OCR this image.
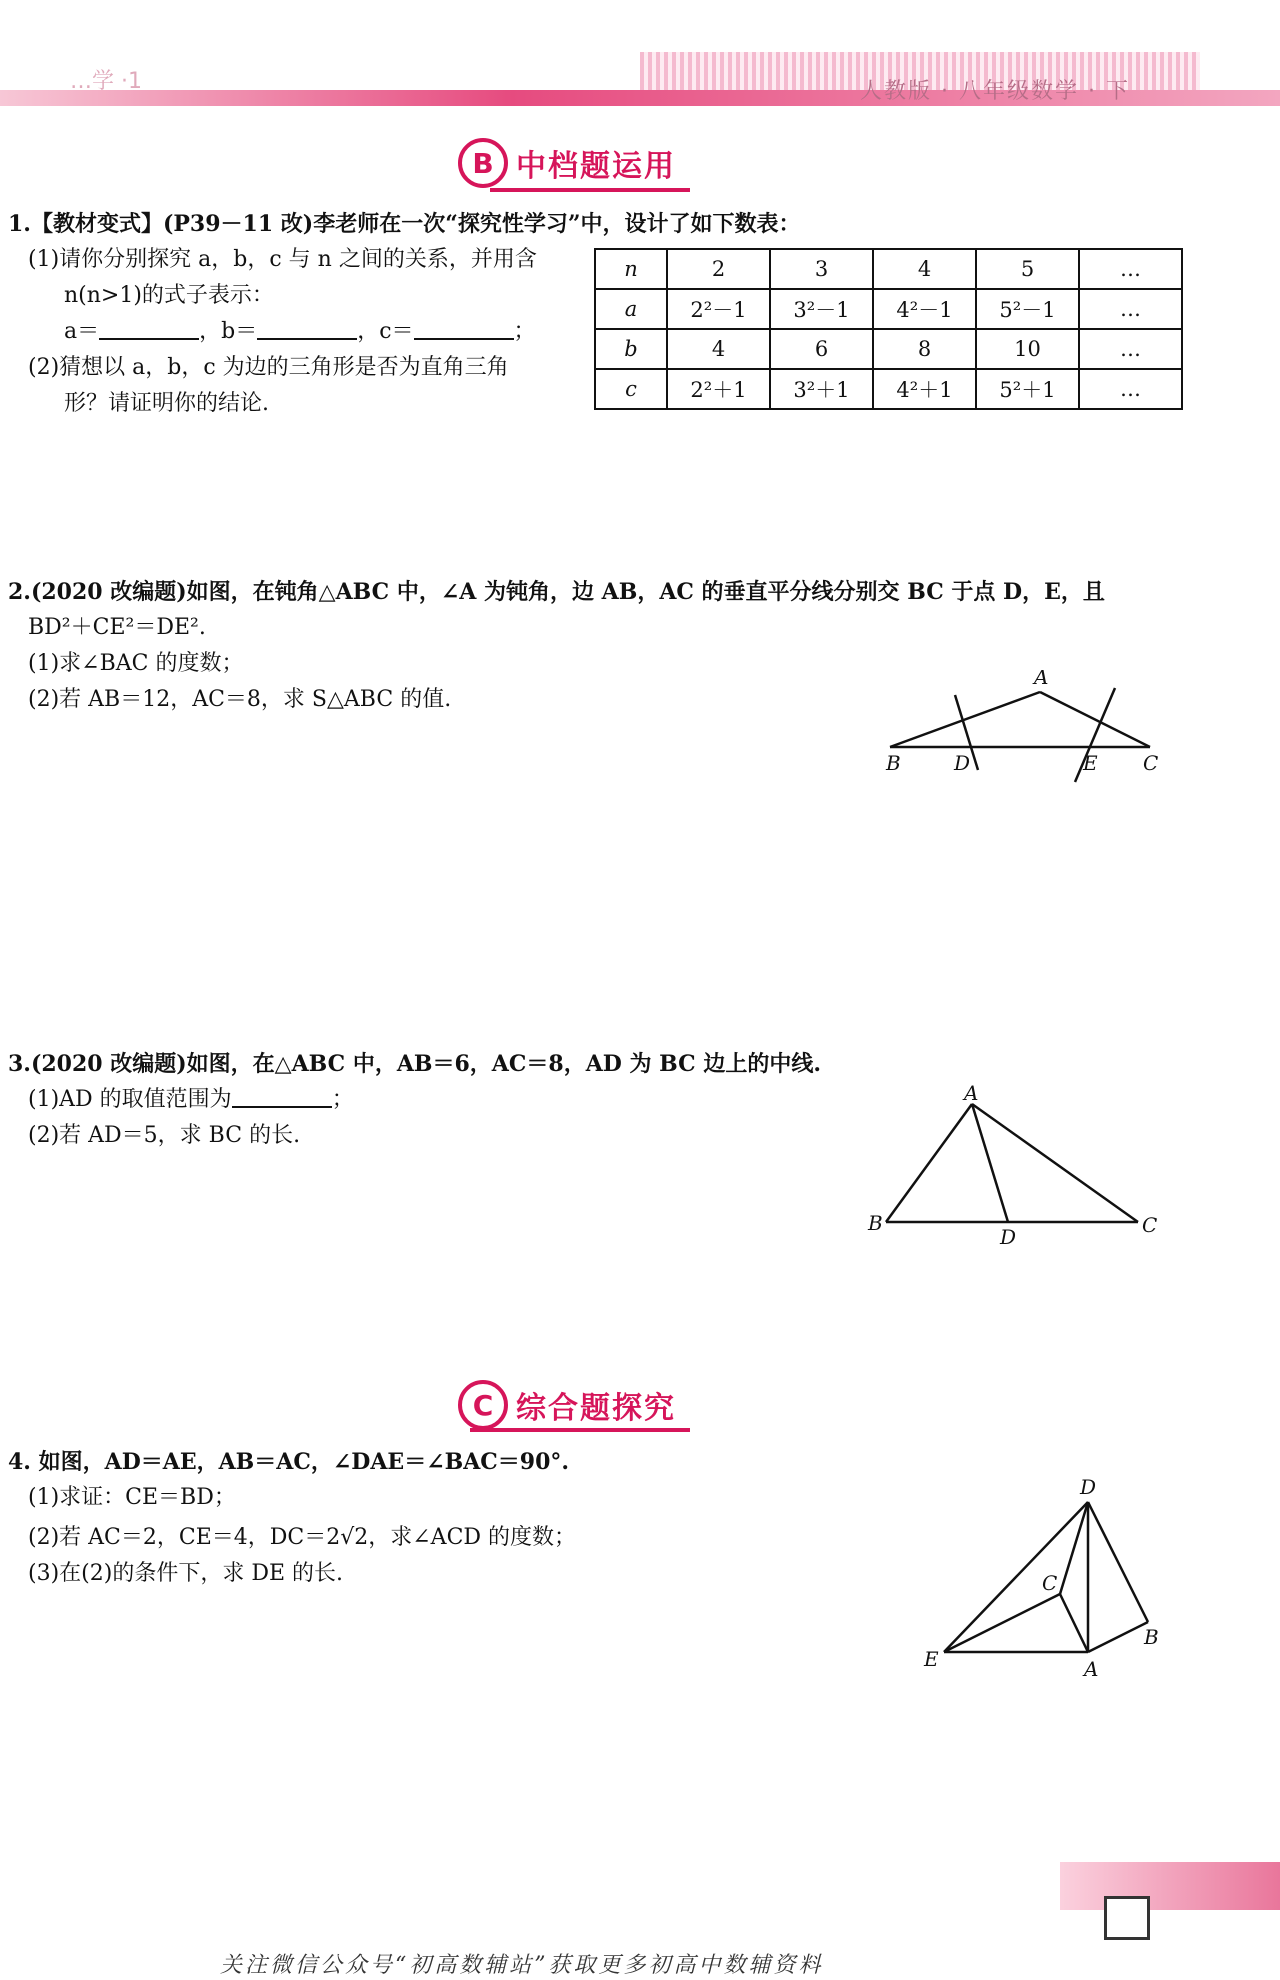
…学 ·1	人教版 · 八年级数学 · 下
B 中档题运用
1.【教材变式】(P39－11 改)李老师在一次“探究性学习”中，设计了如下数表：
(1)请你分别探究 a，b，c 与 n 之间的关系，并用含
n(n>1)的式子表示：
a＝	，b＝	，c＝	；
(2)猜想以 a，b，c 为边的三角形是否为直角三角
形？请证明你的结论.
n	2	3	4	5	…
a	2²－1	3²－1	4²－1	5²－1	…
b	4	6	8	10	…
c	2²＋1	3²＋1	4²＋1	5²＋1	…
2.(2020 改编题)如图，在钝角△ABC 中，∠A 为钝角，边 AB，AC 的垂直平分线分别交 BC 于点 D，E，且
BD²＋CE²＝DE².
(1)求∠BAC 的度数；
(2)若 AB＝12，AC＝8，求 S△ABC 的值.
A
B	D	E C
3.(2020 改编题)如图，在△ABC 中，AB＝6，AC＝8，AD 为 BC 边上的中线.
(1)AD 的取值范围为	；
(2)若 AD＝5，求 BC 的长.
A
B
D	C
C 综合题探究
4. 如图，AD＝AE，AB＝AC，∠DAE＝∠BAC＝90°.
(1)求证：CE＝BD；
(2)若 AC＝2，CE＝4，DC＝2√2，求∠ACD 的度数；
(3)在(2)的条件下，求 DE 的长.
D
C
E	A
B
关注微信公众号“初高数辅站”获取更多初高中数辅资料
